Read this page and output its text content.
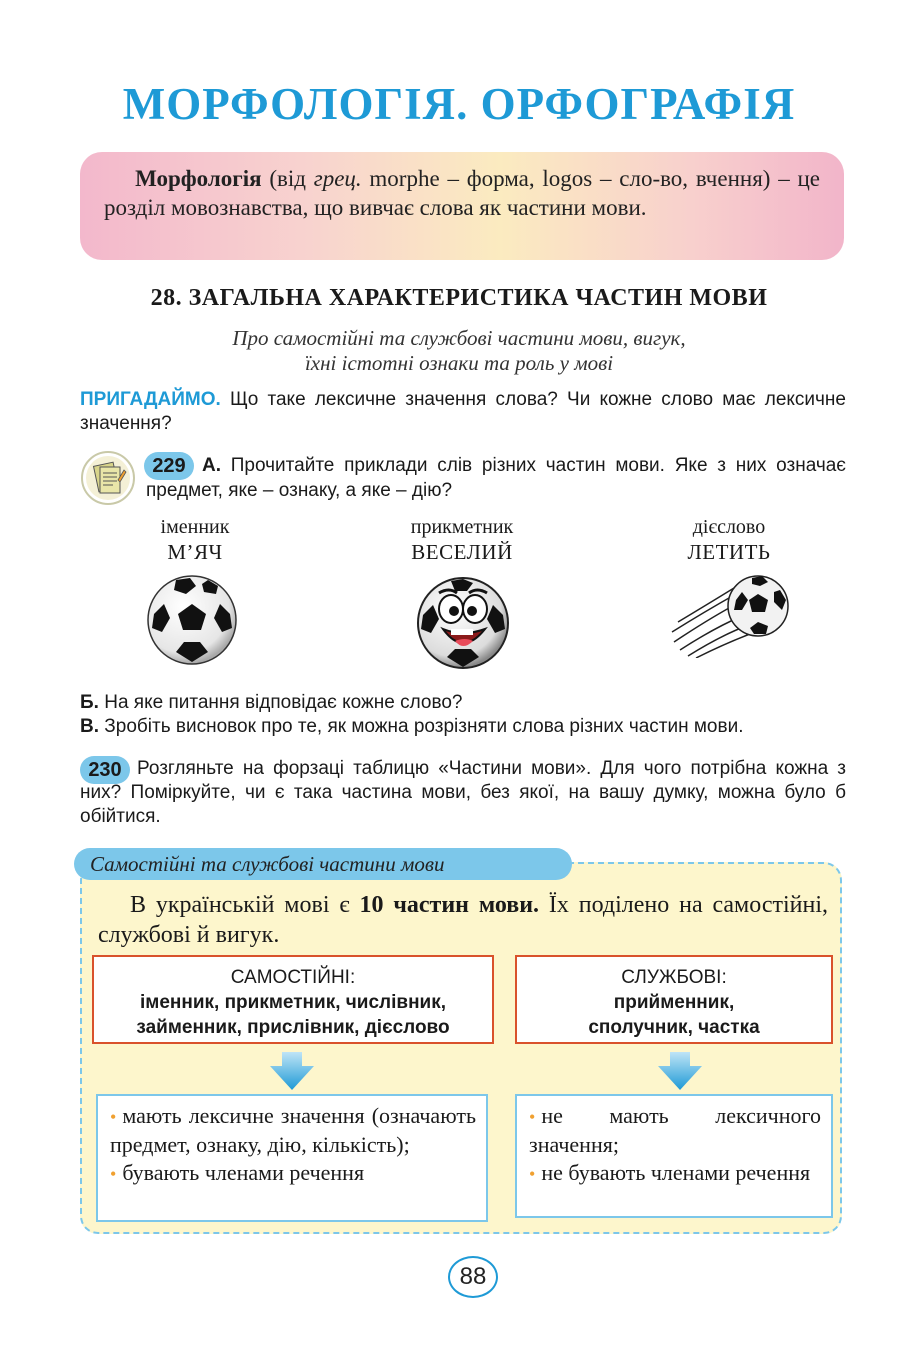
МОРФОЛОГІЯ. ОРФОГРАФІЯ
Морфологія (від грец. morphe – форма, logos – сло-во, вчення) – це розділ мовознавства, що вивчає слова як частини мови.
28. ЗАГАЛЬНА ХАРАКТЕРИСТИКА ЧАСТИН МОВИ
Про самостійні та службові частини мови, вигук,
їхні істотні ознаки та роль у мові
ПРИГАДАЙМО. Що таке лексичне значення слова? Чи кожне слово має лексичне значення?
229 А. Прочитайте приклади слів різних частин мови. Яке з них означає предмет, яке – ознаку, а яке – дію?
іменник
М’ЯЧ
прикметник
ВЕСЕЛИЙ
дієслово
ЛЕТИТЬ
Б. На яке питання відповідає кожне слово?
В. Зробіть висновок про те, як можна розрізняти слова різних частин мови.
230 Розгляньте на форзаці таблицю «Частини мови». Для чого потрібна кожна з них? Поміркуйте, чи є така частина мови, без якої, на вашу думку, можна було б обійтися.
Самостійні та службові частини мови
В українській мові є 10 частин мови. Їх поділено на самостійні, службові й вигук.
САМОСТІЙНІ:
іменник, прикметник, числівник,
займенник, прислівник, дієслово
СЛУЖБОВІ:
прийменник,
сполучник, частка
• мають лексичне значення (означають предмет, ознаку, дію, кількість);
• бувають членами речення
• не мають лексичного значення;
• не бувають членами речення
88
